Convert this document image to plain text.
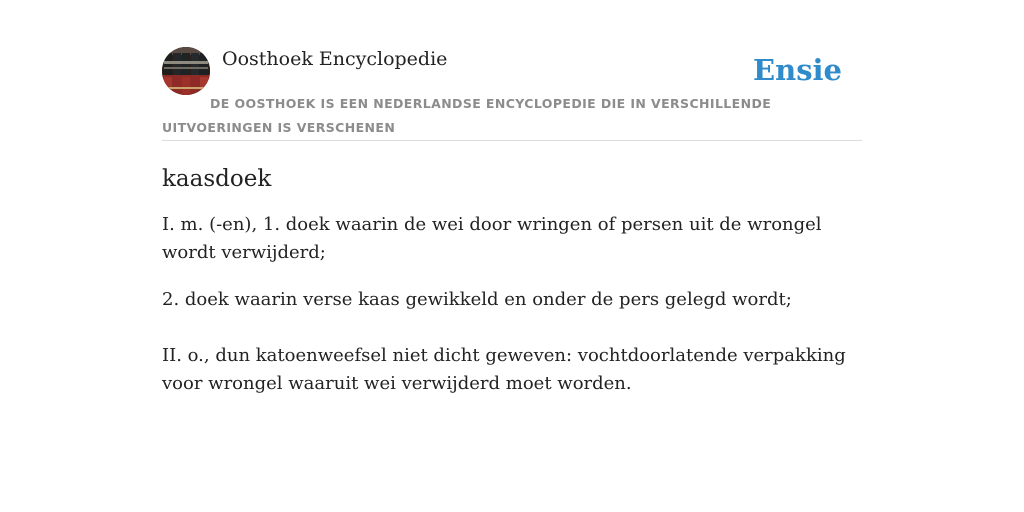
Oosthoek Encyclopedie	Ensie
DE OOSTHOEK IS EEN NEDERLANDSE ENCYCLOPEDIE DIE IN VERSCHILLENDE UITVOERINGEN IS VERSCHENEN
kaasdoek

I. m. (-en), 1. doek waarin de wei door wringen of persen uit de wrongel wordt verwijderd;

2. doek waarin verse kaas gewikkeld en onder de pers gelegd wordt;

II. o., dun katoenweefsel niet dicht geweven: vochtdoorlatende verpakking voor wrongel waaruit wei verwijderd moet worden.
